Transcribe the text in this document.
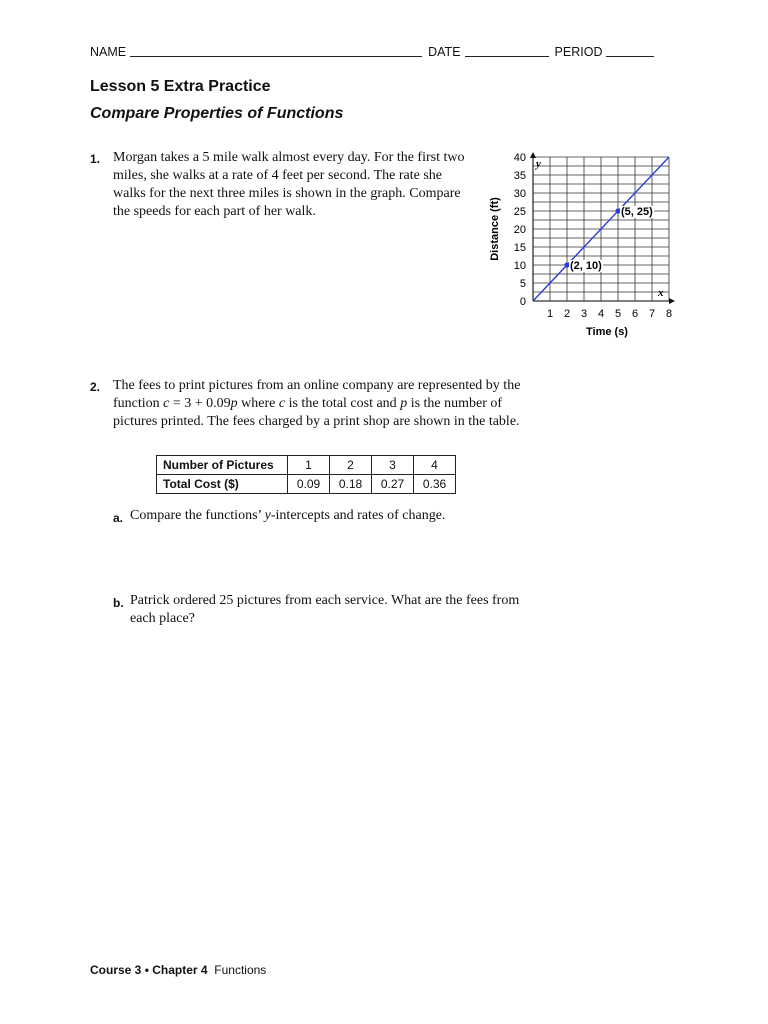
NAME	DATE	PERIOD
Lesson 5 Extra Practice
Compare Properties of Functions
1. Morgan takes a 5 mile walk almost every day. For the first two miles, she walks at a rate of 4 feet per second. The rate she walks for the next three miles is shown in the graph. Compare the speeds for each part of her walk.
1 2 3 4 5 6 7 8
0
5
10
15
20
25
30
35
40
(2, 10)
(5, 25)
Time (s)
Distance (ft)
x
y
2. The fees to print pictures from an online company are represented by the function c = 3 + 0.09p where c is the total cost and p is the number of pictures printed. The fees charged by a print shop are shown in the table.
Number of Pictures	1	2	3	4
Total Cost ($)	0.09	0.18	0.27	0.36
a. Compare the functions’ y-intercepts and rates of change.
b. Patrick ordered 25 pictures from each service. What are the fees from each place?
Course 3 • Chapter 4 Functions
